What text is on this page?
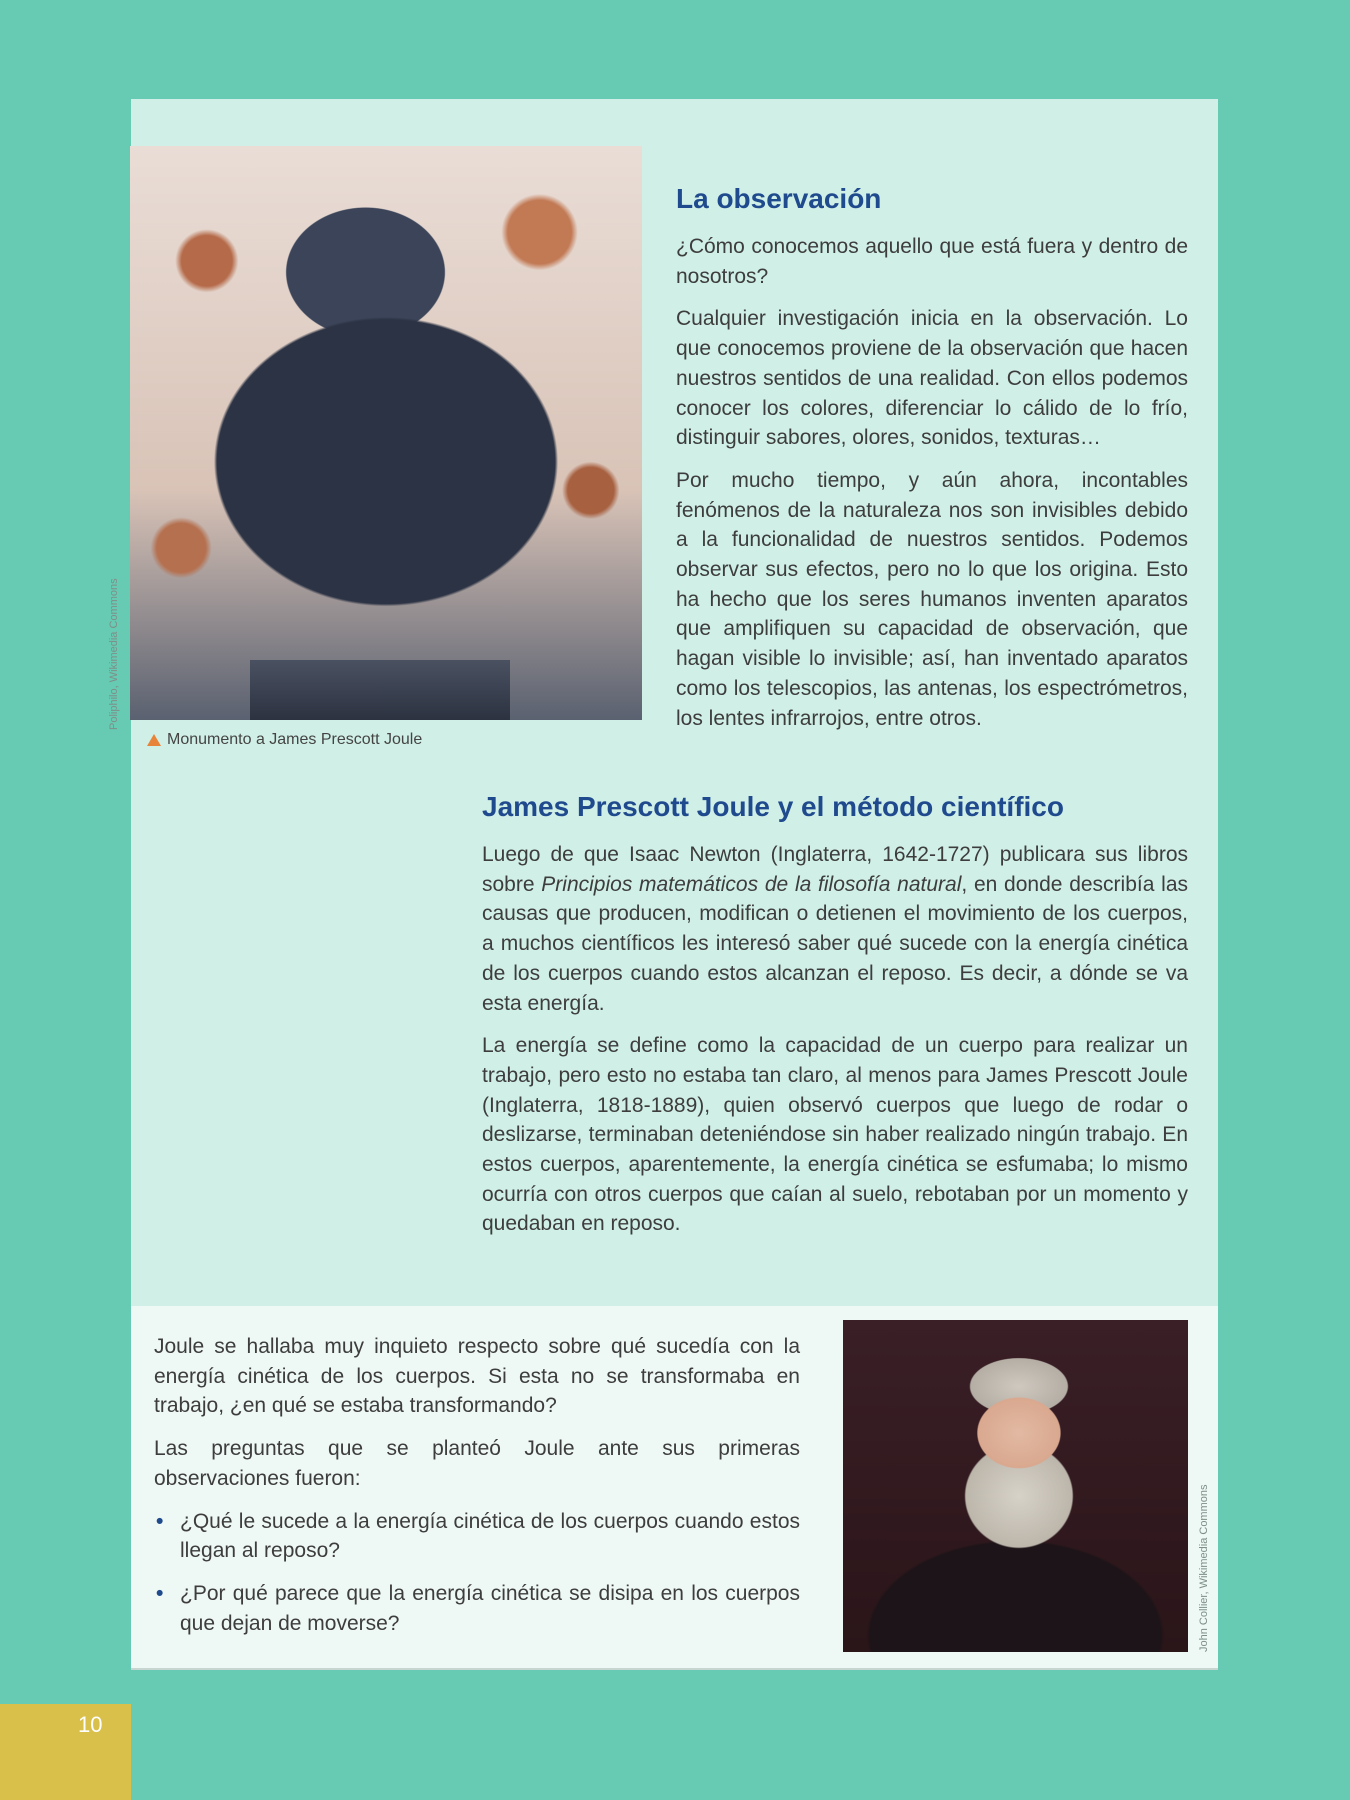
Poliphilo, Wikimedia Commons
Monumento a James Prescott Joule
La observación

¿Cómo conocemos aquello que está fuera y dentro de nosotros?

Cualquier investigación inicia en la observación. Lo que conocemos proviene de la observación que hacen nuestros sentidos de una realidad. Con ellos podemos conocer los colores, diferenciar lo cálido de lo frío, distinguir sabores, olores, sonidos, texturas…

Por mucho tiempo, y aún ahora, incontables fenómenos de la naturaleza nos son invisibles debido a la funcionalidad de nuestros sentidos. Podemos observar sus efectos, pero no lo que los origina. Esto ha hecho que los seres humanos inventen aparatos que amplifiquen su capacidad de observación, que hagan visible lo invisible; así, han inventado aparatos como los telescopios, las antenas, los espectrómetros, los lentes infrarrojos, entre otros.

James Prescott Joule y el método científico

Luego de que Isaac Newton (Inglaterra, 1642-1727) publicara sus libros sobre Principios matemáticos de la filosofía natural, en donde describía las causas que producen, modifican o detienen el movimiento de los cuerpos, a muchos científicos les interesó saber qué sucede con la energía cinética de los cuerpos cuando estos alcanzan el reposo. Es decir, a dónde se va esta energía.

La energía se define como la capacidad de un cuerpo para realizar un trabajo, pero esto no estaba tan claro, al menos para James Prescott Joule (Inglaterra, 1818-1889), quien observó cuerpos que luego de rodar o deslizarse, terminaban deteniéndose sin haber realizado ningún trabajo. En estos cuerpos, aparentemente, la energía cinética se esfumaba; lo mismo ocurría con otros cuerpos que caían al suelo, rebotaban por un momento y quedaban en reposo.

Joule se hallaba muy inquieto respecto sobre qué sucedía con la energía cinética de los cuerpos. Si esta no se transformaba en trabajo, ¿en qué se estaba transformando?

Las preguntas que se planteó Joule ante sus primeras observaciones fueron:

• ¿Qué le sucede a la energía cinética de los cuerpos cuando estos llegan al reposo?
• ¿Por qué parece que la energía cinética se disipa en los cuerpos que dejan de moverse?	John Collier, Wikimedia Commons
10
